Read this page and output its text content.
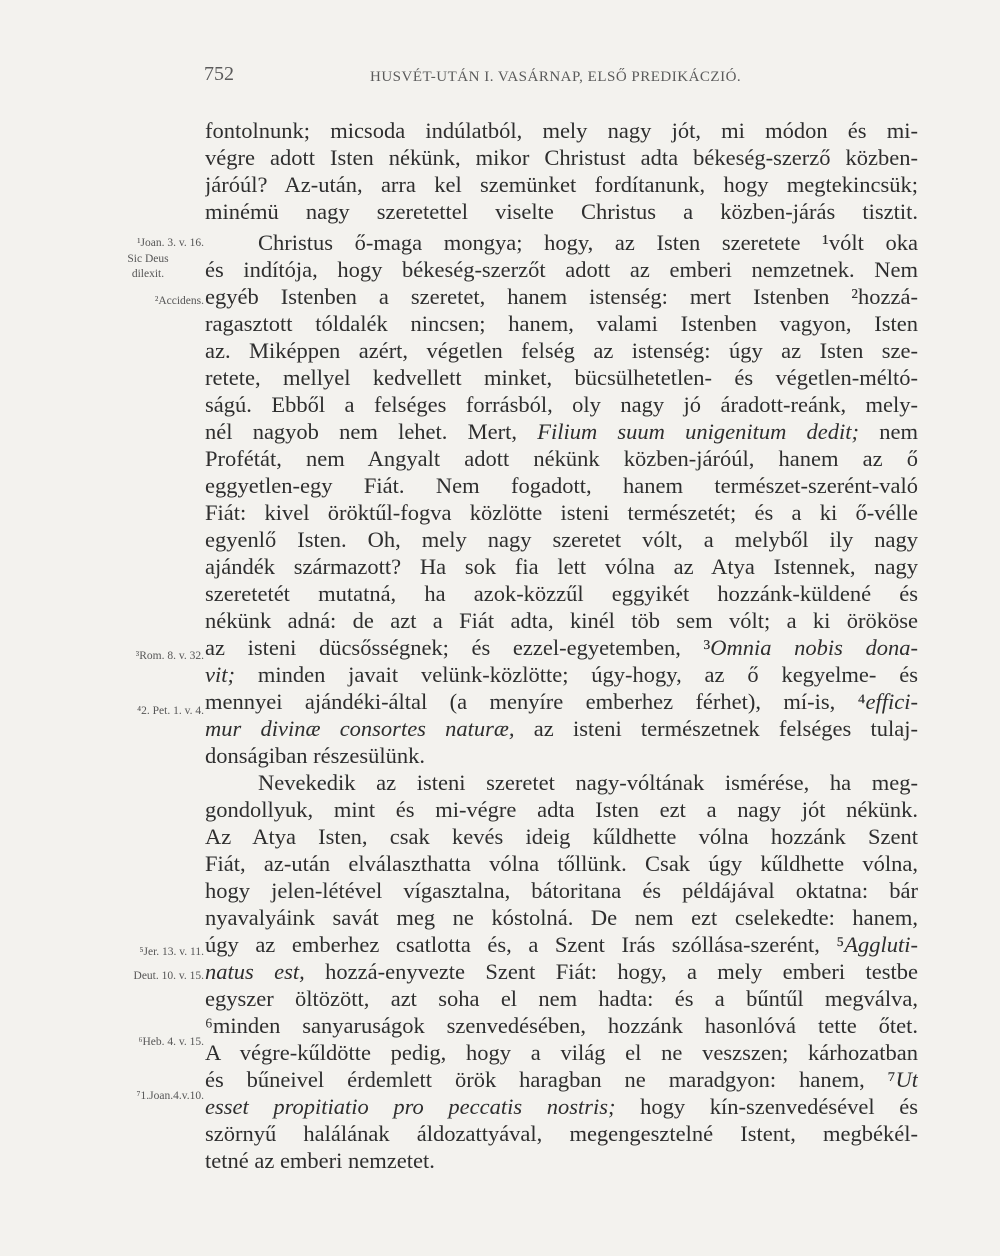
752	HUSVÉT-UTÁN I. VASÁRNAP, ELSŐ PREDIKÁCZIÓ.
fontolnunk; micsoda indúlatból, mely nagy jót, mi módon és mi-
végre adott Isten nékünk, mikor Christust adta békeség-szerző közben-
járóúl? Az-után, arra kel szemünket fordítanunk, hogy megtekincsük;
minémü nagy szeretettel viselte Christus a közben-járás tisztit.
Christus ő-maga mongya; hogy, az Isten szeretete ¹vólt oka
és indítója, hogy békeség-szerzőt adott az emberi nemzetnek. Nem
egyéb Istenben a szeretet, hanem istenség: mert Istenben ²hozzá-
ragasztott tóldalék nincsen; hanem, valami Istenben vagyon, Isten
az. Miképpen azért, végetlen felség az istenség: úgy az Isten sze-
retete, mellyel kedvellett minket, bücsülhetetlen- és végetlen-méltó-
ságú. Ebből a felséges forrásból, oly nagy jó áradott-reánk, mely-
nél nagyob nem lehet. Mert, Filium suum unigenitum dedit; nem
Profétát, nem Angyalt adott nékünk közben-járóúl, hanem az ő
eggyetlen-egy Fiát. Nem fogadott, hanem természet-szerént-való
Fiát: kivel öröktűl-fogva közlötte isteni természetét; és a ki ő-vélle
egyenlő Isten. Oh, mely nagy szeretet vólt, a melyből ily nagy
ajándék származott? Ha sok fia lett vólna az Atya Istennek, nagy
szeretetét mutatná, ha azok-közzűl eggyikét hozzánk-küldené és
nékünk adná: de azt a Fiát adta, kinél töb sem vólt; a ki örököse
az isteni dücsősségnek; és ezzel-egyetemben, ³Omnia nobis dona-
vit; minden javait velünk-közlötte; úgy-hogy, az ő kegyelme- és
mennyei ajándéki-által (a menyíre emberhez férhet), mí-is, ⁴effici-
mur divinæ consortes naturæ, az isteni természetnek felséges tulaj-
donságiban részesülünk.
Nevekedik az isteni szeretet nagy-vóltának ismérése, ha meg-
gondollyuk, mint és mi-végre adta Isten ezt a nagy jót nékünk.
Az Atya Isten, csak kevés ideig kűldhette vólna hozzánk Szent
Fiát, az-után elválaszthatta vólna tőllünk. Csak úgy kűldhette vólna,
hogy jelen-létével vígasztalna, bátoritana és példájával oktatna: bár
nyavalyáink savát meg ne kóstolná. De nem ezt cselekedte: hanem,
úgy az emberhez csatlotta és, a Szent Irás szóllása-szerént, ⁵Aggluti-
natus est, hozzá-enyvezte Szent Fiát: hogy, a mely emberi testbe
egyszer öltözött, azt soha el nem hadta: és a bűntűl megválva,
⁶minden sanyaruságok szenvedésében, hozzánk hasonlóvá tette őtet.
A végre-kűldötte pedig, hogy a világ el ne veszszen; kárhozatban
és bűneivel érdemlett örök haragban ne maradgyon: hanem, ⁷Ut
esset propitiatio pro peccatis nostris; hogy kín-szenvedésével és
szörnyű halálának áldozattyával, megengesztelné Istent, megbékél-
tetné az emberi nemzetet.
¹Joan. 3. v. 16.
Sic Deus dilexit.
²Accidens.
³Rom. 8. v. 32.
⁴2. Pet. 1. v. 4.
⁵Jer. 13. v. 11.
Deut. 10. v. 15.
⁶Heb. 4. v. 15.
⁷1.Joan.4.v.10.
